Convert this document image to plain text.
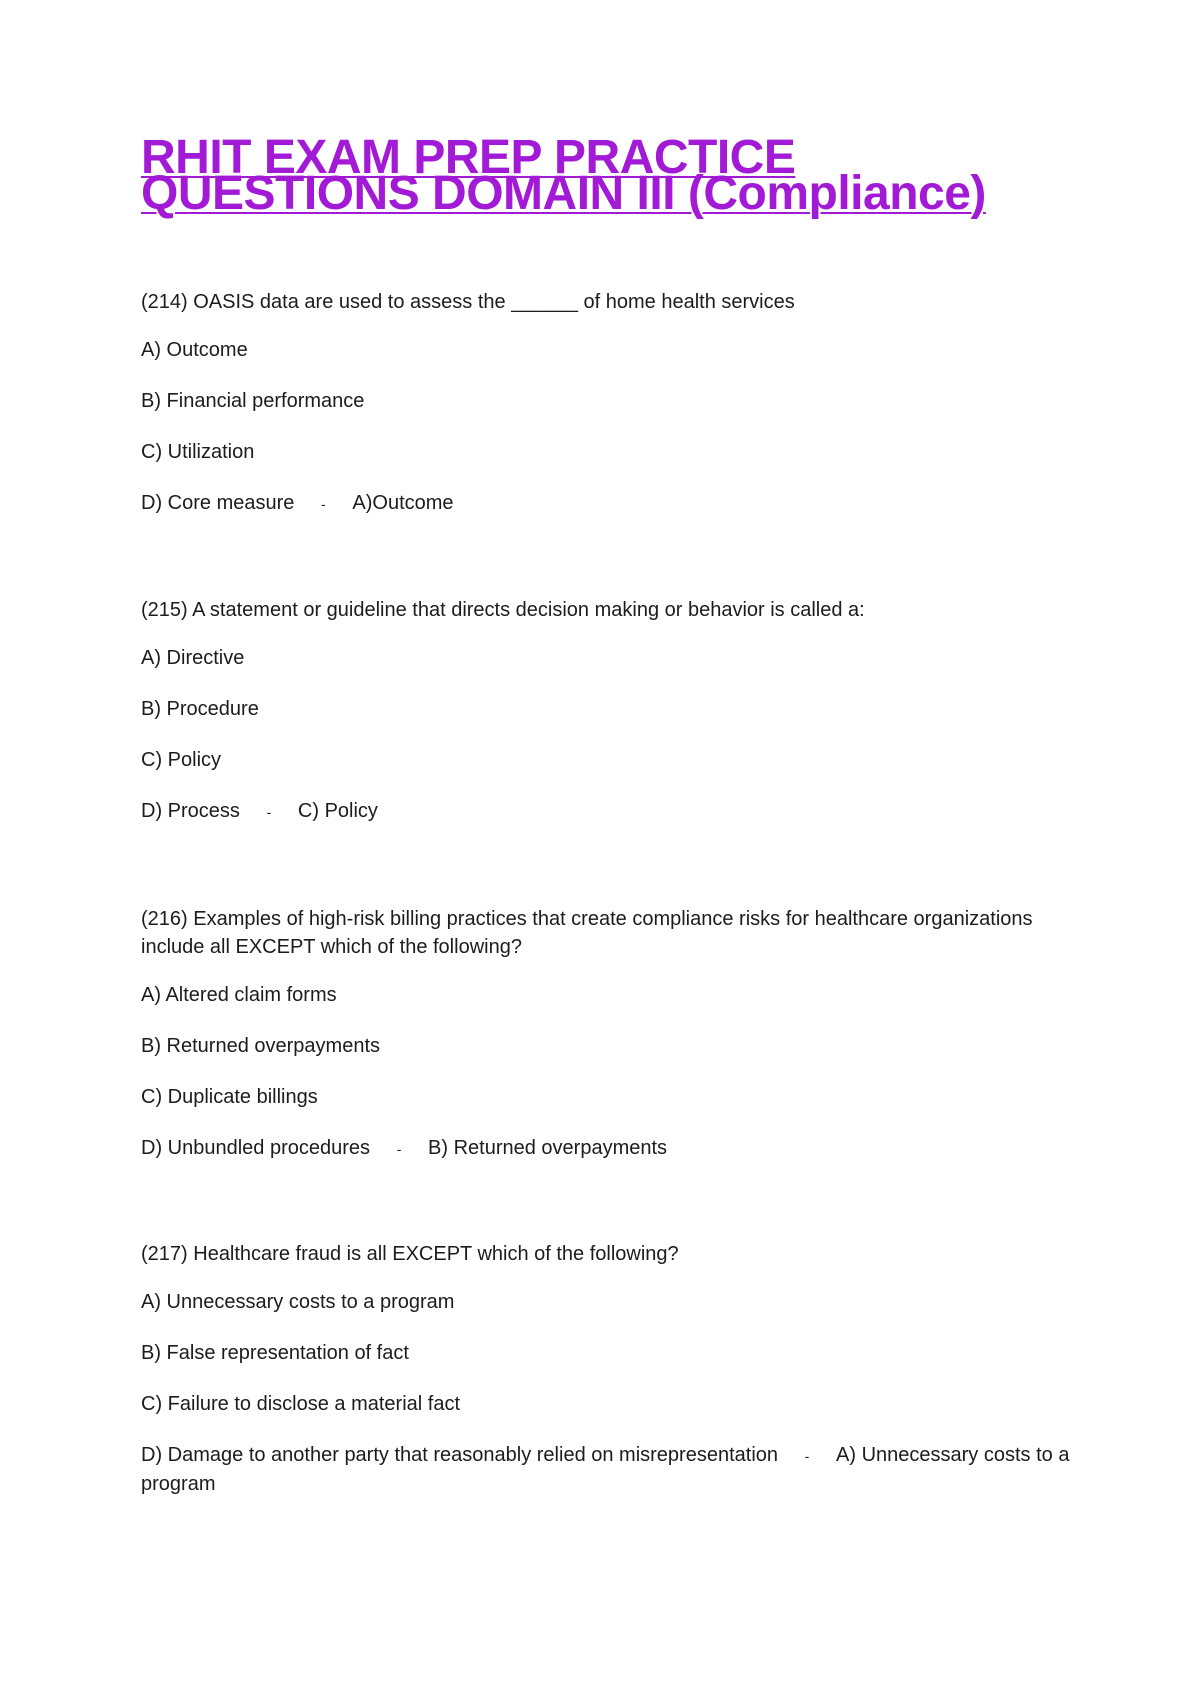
RHIT EXAM PREP PRACTICE QUESTIONS DOMAIN III (Compliance)

(214) OASIS data are used to assess the ______ of home health services

A) Outcome

B) Financial performance

C) Utilization

D) Core measure - A)Outcome

(215) A statement or guideline that directs decision making or behavior is called a:

A) Directive

B) Procedure

C) Policy

D) Process - C) Policy

(216) Examples of high-risk billing practices that create compliance risks for healthcare organizations include all EXCEPT which of the following?

A) Altered claim forms

B) Returned overpayments

C) Duplicate billings

D) Unbundled procedures - B) Returned overpayments

(217) Healthcare fraud is all EXCEPT which of the following?

A) Unnecessary costs to a program

B) False representation of fact

C) Failure to disclose a material fact

D) Damage to another party that reasonably relied on misrepresentation - A) Unnecessary costs to a program
